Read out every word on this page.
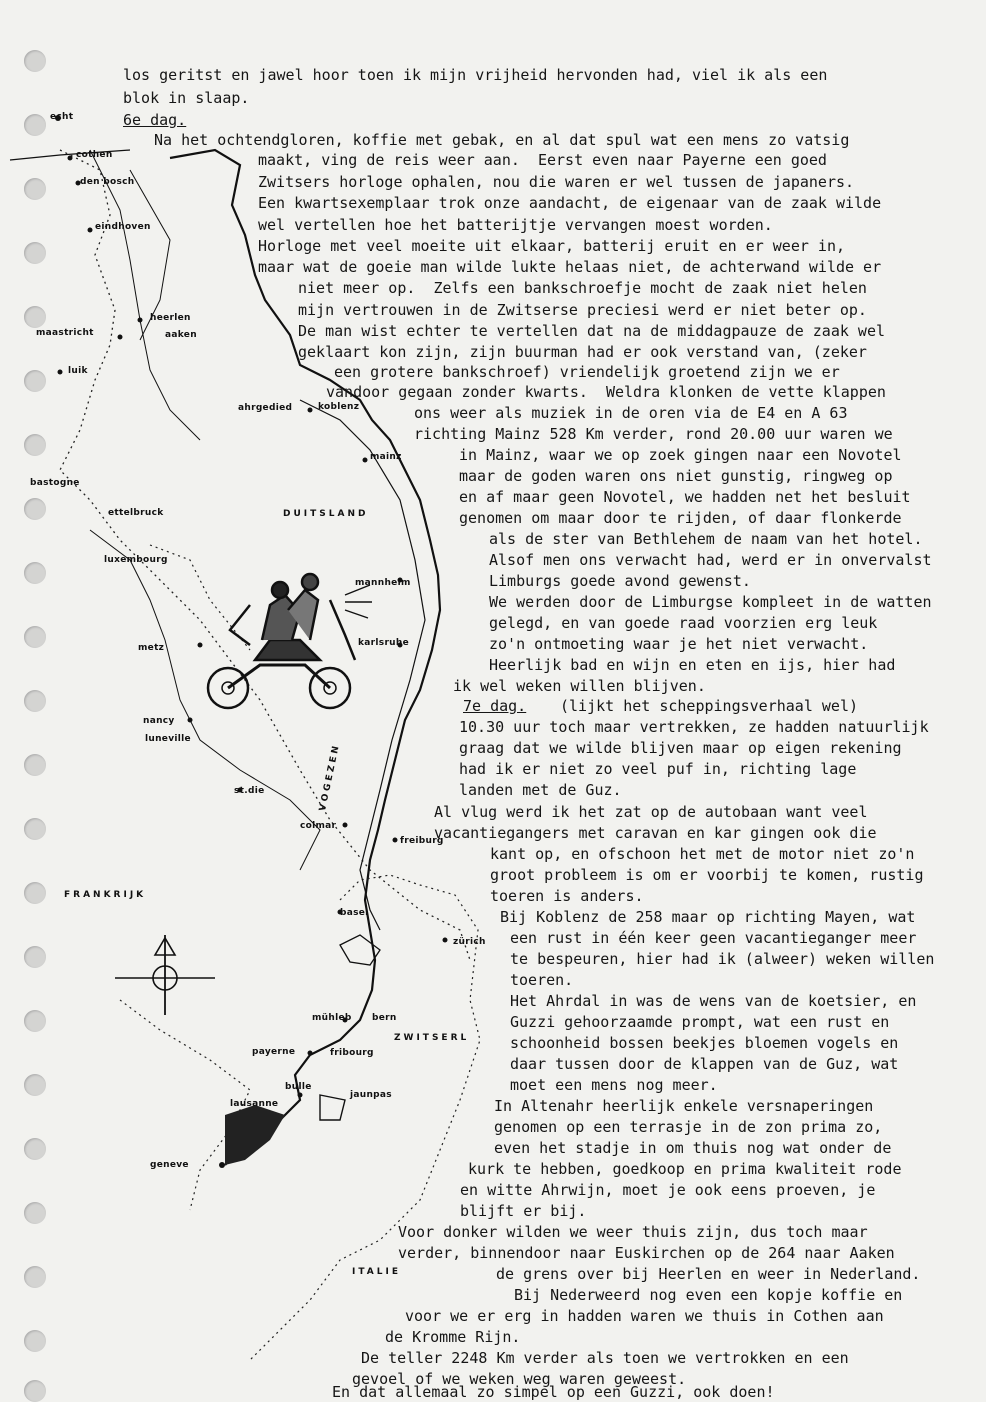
echt
cothen
den bosch
eindhoven
heerlen
maastricht	aaken
luik
ahrgedied	koblenz
mainz
bastogne
ettelbruck	DUITSLAND
luxembourg
mannheim
karlsruhe
metz
nancy
luneville
st.die
colmar
freiburg
FRANKRIJK
VOGEZEN
basel
zürich
mühleb bern
ZWITSERL
payerne	fribourg
bulle
jaunpas
lausanne
geneve
ITALIE
los geritst en jawel hoor toen ik mijn vrijheid hervonden had, viel ik als een
blok in slaap.
6e dag.
Na het ochtendgloren, koffie met gebak, en al dat spul wat een mens zo vatsig
maakt, ving de reis weer aan.  Eerst even naar Payerne een goed
Zwitsers horloge ophalen, nou die waren er wel tussen de japaners.
Een kwartsexemplaar trok onze aandacht, de eigenaar van de zaak wilde
wel vertellen hoe het batterijtje vervangen moest worden.
Horloge met veel moeite uit elkaar, batterij eruit en er weer in,
maar wat de goeie man wilde lukte helaas niet, de achterwand wilde er
niet meer op.  Zelfs een bankschroefje mocht de zaak niet helen
mijn vertrouwen in de Zwitserse preciesi werd er niet beter op.
De man wist echter te vertellen dat na de middagpauze de zaak wel
geklaart kon zijn, zijn buurman had er ook verstand van, (zeker
een grotere bankschroef) vriendelijk groetend zijn we er
vandoor gegaan zonder kwarts.  Weldra klonken de vette klappen
ons weer als muziek in de oren via de E4 en A 63
richting Mainz 528 Km verder, rond 20.00 uur waren we
in Mainz, waar we op zoek gingen naar een Novotel
maar de goden waren ons niet gunstig, ringweg op
en af maar geen Novotel, we hadden net het besluit
genomen om maar door te rijden, of daar flonkerde
als de ster van Bethlehem de naam van het hotel.
Alsof men ons verwacht had, werd er in onvervalst
Limburgs goede avond gewenst.
We werden door de Limburgse kompleet in de watten
gelegd, en van goede raad voorzien erg leuk
zo'n ontmoeting waar je het niet verwacht.
Heerlijk bad en wijn en eten en ijs, hier had
ik wel weken willen blijven.
7e dag. (lijkt het scheppingsverhaal wel)
10.30 uur toch maar vertrekken, ze hadden natuurlijk
graag dat we wilde blijven maar op eigen rekening
had ik er niet zo veel puf in, richting lage
landen met de Guz.
Al vlug werd ik het zat op de autobaan want veel
vacantiegangers met caravan en kar gingen ook die
kant op, en ofschoon het met de motor niet zo'n
groot probleem is om er voorbij te komen, rustig
toeren is anders.
Bij Koblenz de 258 maar op richting Mayen, wat
een rust in één keer geen vacantieganger meer
te bespeuren, hier had ik (alweer) weken willen
toeren.
Het Ahrdal in was de wens van de koetsier, en
Guzzi gehoorzaamde prompt, wat een rust en
schoonheid bossen beekjes bloemen vogels en
daar tussen door de klappen van de Guz, wat
moet een mens nog meer.
In Altenahr heerlijk enkele versnaperingen
genomen op een terrasje in de zon prima zo,
even het stadje in om thuis nog wat onder de
kurk te hebben, goedkoop en prima kwaliteit rode
en witte Ahrwijn, moet je ook eens proeven, je
blijft er bij.
Voor donker wilden we weer thuis zijn, dus toch maar
verder, binnendoor naar Euskirchen op de 264 naar Aaken
de grens over bij Heerlen en weer in Nederland.
Bij Nederweerd nog even een kopje koffie en
voor we er erg in hadden waren we thuis in Cothen aan
de Kromme Rijn.
De teller 2248 Km verder als toen we vertrokken en een
gevoel of we weken weg waren geweest.
En dat allemaal zo simpel op een Guzzi, ook doen!
